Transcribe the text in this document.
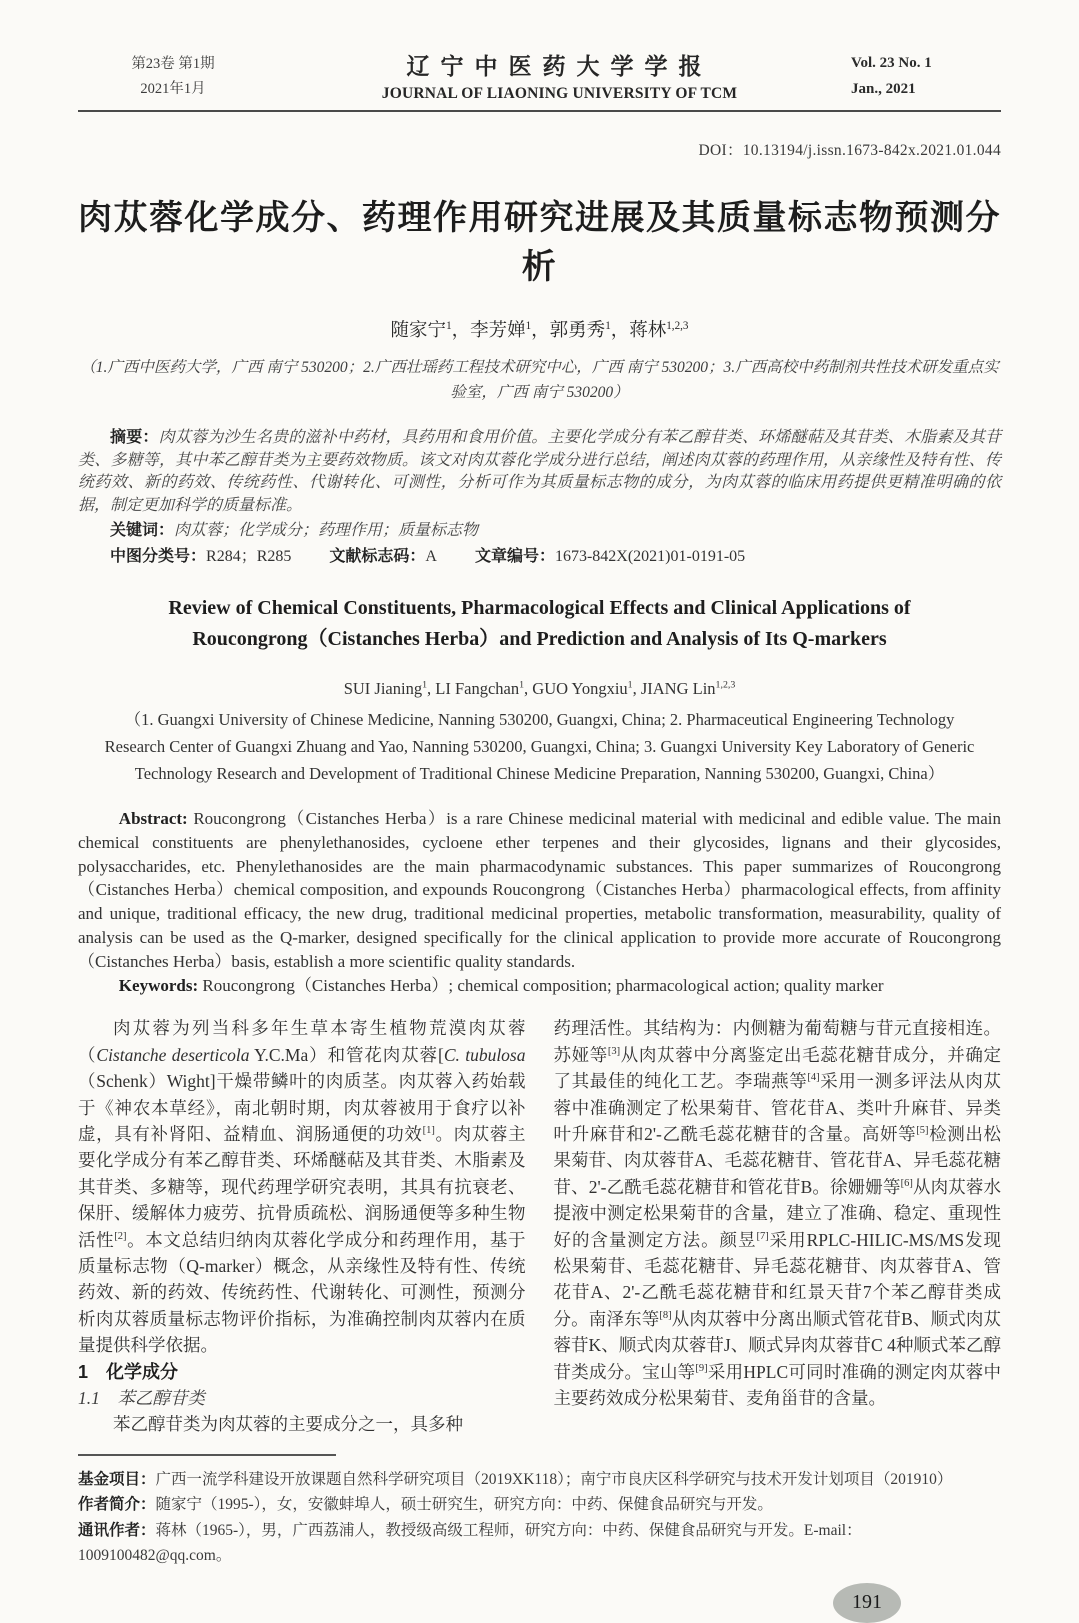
第23卷 第1期
2021年1月
辽宁中医药大学学报
JOURNAL OF LIAONING UNIVERSITY OF TCM
Vol. 23 No. 1
Jan., 2021
DOI：10.13194/j.issn.1673-842x.2021.01.044
肉苁蓉化学成分、药理作用研究进展及其质量标志物预测分析
随家宁$^1$，李芳婵$^1$，郭勇秀$^1$，蒋林$^{1,2,3}$
（1.广西中医药大学，广西 南宁 530200；2.广西壮瑶药工程技术研究中心，广西 南宁 530200；3.广西高校中药制剂共性技术研发重点实验室，广西 南宁 530200）

摘要：肉苁蓉为沙生名贵的滋补中药材，具药用和食用价值。主要化学成分有苯乙醇苷类、环烯醚萜及其苷类、木脂素及其苷类、多糖等，其中苯乙醇苷类为主要药效物质。该文对肉苁蓉化学成分进行总结，阐述肉苁蓉的药理作用，从亲缘性及特有性、传统药效、新的药效、传统药性、代谢转化、可测性，分析可作为其质量标志物的成分，为肉苁蓉的临床用药提供更精准明确的依据，制定更加科学的质量标准。

关键词：肉苁蓉；化学成分；药理作用；质量标志物

中图分类号：R284；R285 文献标志码：A 文章编号：1673-842X(2021)01-0191-05

Review of Chemical Constituents, Pharmacological Effects and Clinical Applications of
Roucongrong（Cistanches Herba）and Prediction and Analysis of Its Q-markers
SUI Jianing$^1$, LI Fangchan$^1$, GUO Yongxiu$^1$, JIANG Lin$^{1,2,3}$
（1. Guangxi University of Chinese Medicine, Nanning 530200, Guangxi, China; 2. Pharmaceutical Engineering Technology Research Center of Guangxi Zhuang and Yao, Nanning 530200, Guangxi, China; 3. Guangxi University Key Laboratory of Generic Technology Research and Development of Traditional Chinese Medicine Preparation, Nanning 530200, Guangxi, China）

Abstract: Roucongrong（Cistanches Herba）is a rare Chinese medicinal material with medicinal and edible value. The main chemical constituents are phenylethanosides, cycloene ether terpenes and their glycosides, lignans and their glycosides, polysaccharides, etc. Phenylethanosides are the main pharmacodynamic substances. This paper summarizes of Roucongrong（Cistanches Herba）chemical composition, and expounds Roucongrong（Cistanches Herba）pharmacological effects, from affinity and unique, traditional efficacy, the new drug, traditional medicinal properties, metabolic transformation, measurability, quality of analysis can be used as the Q-marker, designed specifically for the clinical application to provide more accurate of Roucongrong（Cistanches Herba）basis, establish a more scientific quality standards.

Keywords: Roucongrong（Cistanches Herba）; chemical composition; pharmacological action; quality marker

肉苁蓉为列当科多年生草本寄生植物荒漠肉苁蓉（Cistanche deserticola Y.C.Ma）和管花肉苁蓉[C. tubulosa（Schenk）Wight]干燥带鳞叶的肉质茎。肉苁蓉入药始载于《神农本草经》，南北朝时期，肉苁蓉被用于食疗以补虚，具有补肾阳、益精血、润肠通便的功效[1]。肉苁蓉主要化学成分有苯乙醇苷类、环烯醚萜及其苷类、木脂素及其苷类、多糖等，现代药理学研究表明，其具有抗衰老、保肝、缓解体力疲劳、抗骨质疏松、润肠通便等多种生物活性[2]。本文总结归纳肉苁蓉化学成分和药理作用，基于质量标志物（Q-marker）概念，从亲缘性及特有性、传统药效、新的药效、传统药性、代谢转化、可测性，预测分析肉苁蓉质量标志物评价指标，为准确控制肉苁蓉内在质量提供科学依据。

1　化学成分
1.1　苯乙醇苷类

苯乙醇苷类为肉苁蓉的主要成分之一，具多种

药理活性。其结构为：内侧糖为葡萄糖与苷元直接相连。苏娅等[3]从肉苁蓉中分离鉴定出毛蕊花糖苷成分，并确定了其最佳的纯化工艺。李瑞燕等[4]采用一测多评法从肉苁蓉中准确测定了松果菊苷、管花苷A、类叶升麻苷、异类叶升麻苷和2'-乙酰毛蕊花糖苷的含量。高妍等[5]检测出松果菊苷、肉苁蓉苷A、毛蕊花糖苷、管花苷A、异毛蕊花糖苷、2'-乙酰毛蕊花糖苷和管花苷B。徐姗姗等[6]从肉苁蓉水提液中测定松果菊苷的含量，建立了准确、稳定、重现性好的含量测定方法。颜昱[7]采用RPLC-HILIC-MS/MS发现松果菊苷、毛蕊花糖苷、异毛蕊花糖苷、肉苁蓉苷A、管花苷A、2'-乙酰毛蕊花糖苷和红景天苷7个苯乙醇苷类成分。南泽东等[8]从肉苁蓉中分离出顺式管花苷B、顺式肉苁蓉苷K、顺式肉苁蓉苷J、顺式异肉苁蓉苷C 4种顺式苯乙醇苷类成分。宝山等[9]采用HPLC可同时准确的测定肉苁蓉中主要药效成分松果菊苷、麦角甾苷的含量。

基金项目：广西一流学科建设开放课题自然科学研究项目（2019XK118）；南宁市良庆区科学研究与技术开发计划项目（201910）
作者简介：随家宁（1995-），女，安徽蚌埠人，硕士研究生，研究方向：中药、保健食品研究与开发。
通讯作者：蒋林（1965-），男，广西荔浦人，教授级高级工程师，研究方向：中药、保健食品研究与开发。E-mail：1009100482@qq.com。
191
